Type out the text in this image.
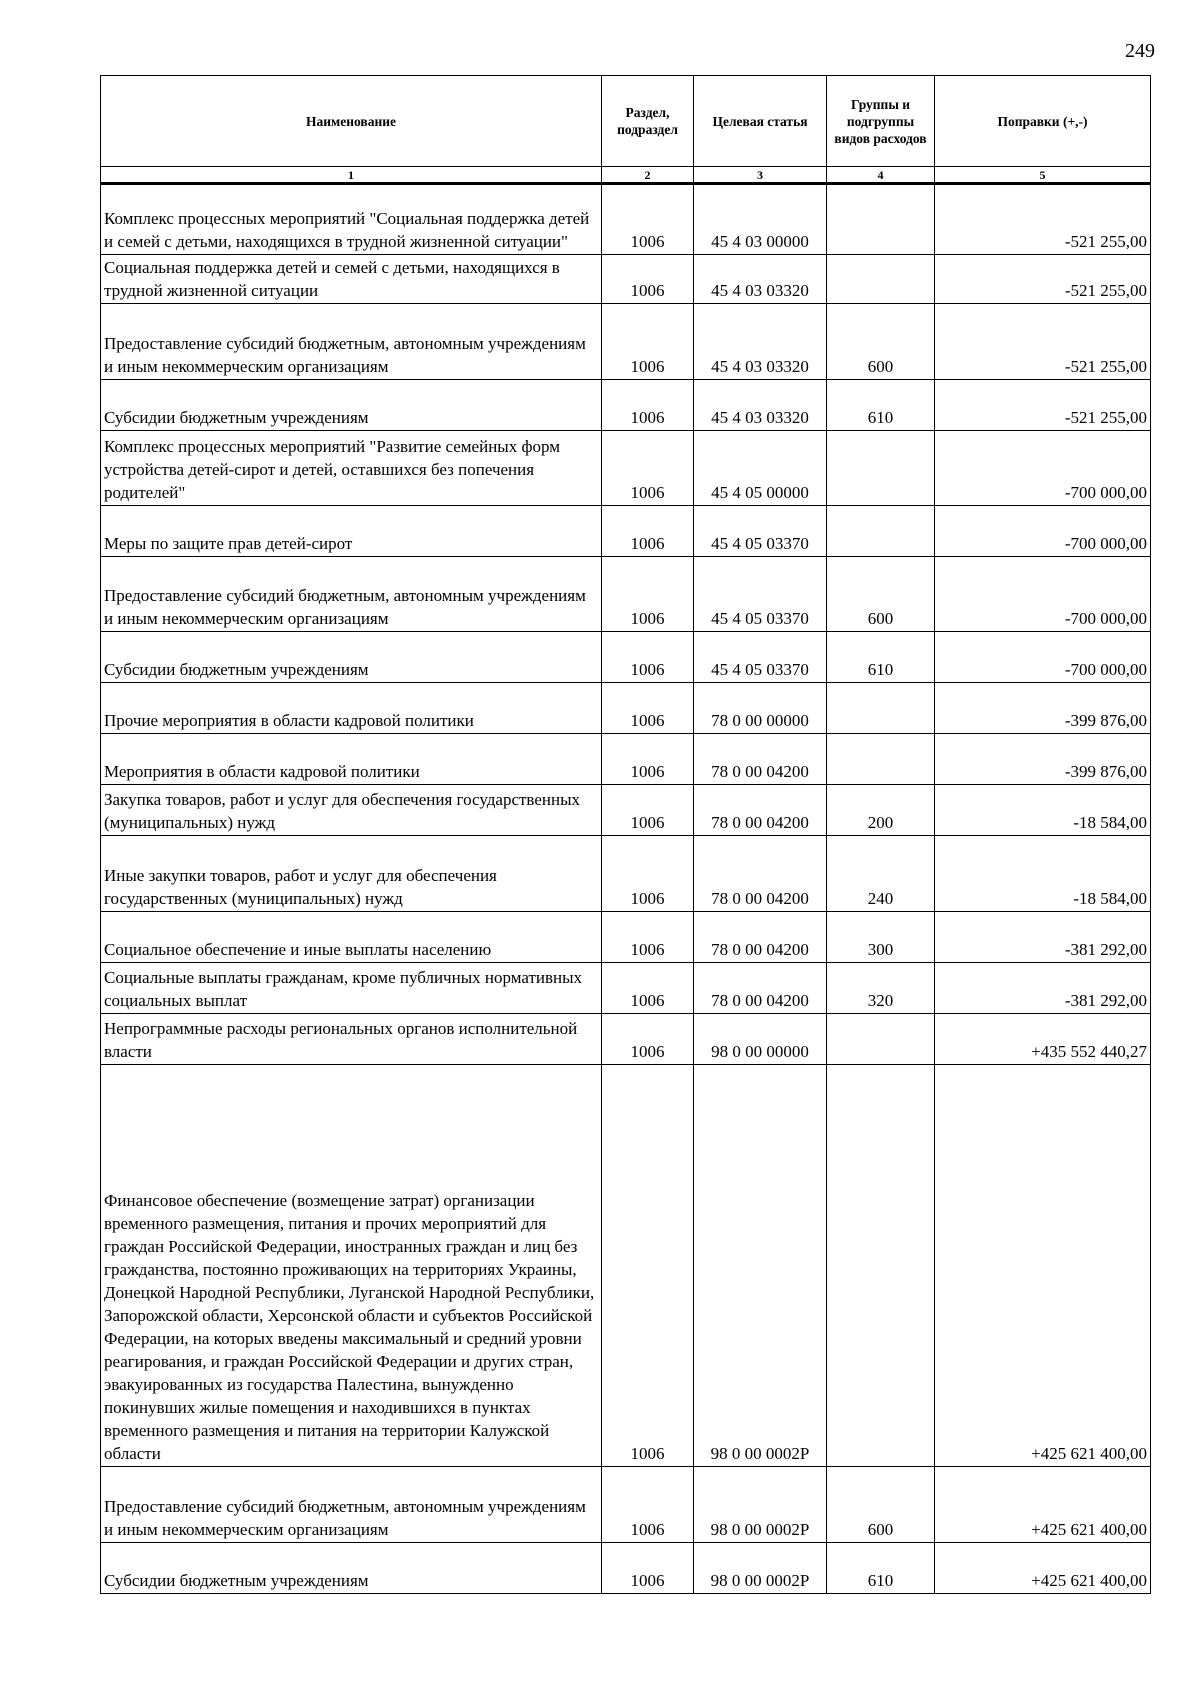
249
Наименование	Раздел, подраздел	Целевая статья	Группы и подгруппы видов расходов	Поправки (+,-)
1	2	3	4	5
Комплекс процессных мероприятий "Социальная поддержка детей и семей с детьми, находящихся в трудной жизненной ситуации"	1006	45 4 03 00000		-521 255,00
Социальная поддержка детей и семей с детьми, находящихся в трудной жизненной ситуации	1006	45 4 03 03320		-521 255,00
Предоставление субсидий бюджетным, автономным учреждениям и иным некоммерческим организациям	1006	45 4 03 03320	600	-521 255,00
Субсидии бюджетным учреждениям	1006	45 4 03 03320	610	-521 255,00
Комплекс процессных мероприятий "Развитие семейных форм устройства детей-сирот и детей, оставшихся без попечения родителей"	1006	45 4 05 00000		-700 000,00
Меры по защите прав детей-сирот	1006	45 4 05 03370		-700 000,00
Предоставление субсидий бюджетным, автономным учреждениям и иным некоммерческим организациям	1006	45 4 05 03370	600	-700 000,00
Субсидии бюджетным учреждениям	1006	45 4 05 03370	610	-700 000,00
Прочие мероприятия в области кадровой политики	1006	78 0 00 00000		-399 876,00
Мероприятия в области кадровой политики	1006	78 0 00 04200		-399 876,00
Закупка товаров, работ и услуг для обеспечения государственных (муниципальных) нужд	1006	78 0 00 04200	200	-18 584,00
Иные закупки товаров, работ и услуг для обеспечения государственных (муниципальных) нужд	1006	78 0 00 04200	240	-18 584,00
Социальное обеспечение и иные выплаты населению	1006	78 0 00 04200	300	-381 292,00
Социальные выплаты гражданам, кроме публичных нормативных социальных выплат	1006	78 0 00 04200	320	-381 292,00
Непрограммные расходы региональных органов исполнительной власти	1006	98 0 00 00000		+435 552 440,27
Финансовое обеспечение (возмещение затрат) организации временного размещения, питания и прочих мероприятий для граждан Российской Федерации, иностранных граждан и лиц без гражданства, постоянно проживающих на территориях Украины, Донецкой Народной Республики, Луганской Народной Республики, Запорожской области, Херсонской области и субъектов Российской Федерации, на которых введены максимальный и средний уровни реагирования, и граждан Российской Федерации и других стран, эвакуированных из государства Палестина, вынужденно покинувших жилые помещения и находившихся в пунктах временного размещения и питания на территории Калужской области	1006	98 0 00 0002Р		+425 621 400,00
Предоставление субсидий бюджетным, автономным учреждениям и иным некоммерческим организациям	1006	98 0 00 0002Р	600	+425 621 400,00
Субсидии бюджетным учреждениям	1006	98 0 00 0002Р	610	+425 621 400,00
